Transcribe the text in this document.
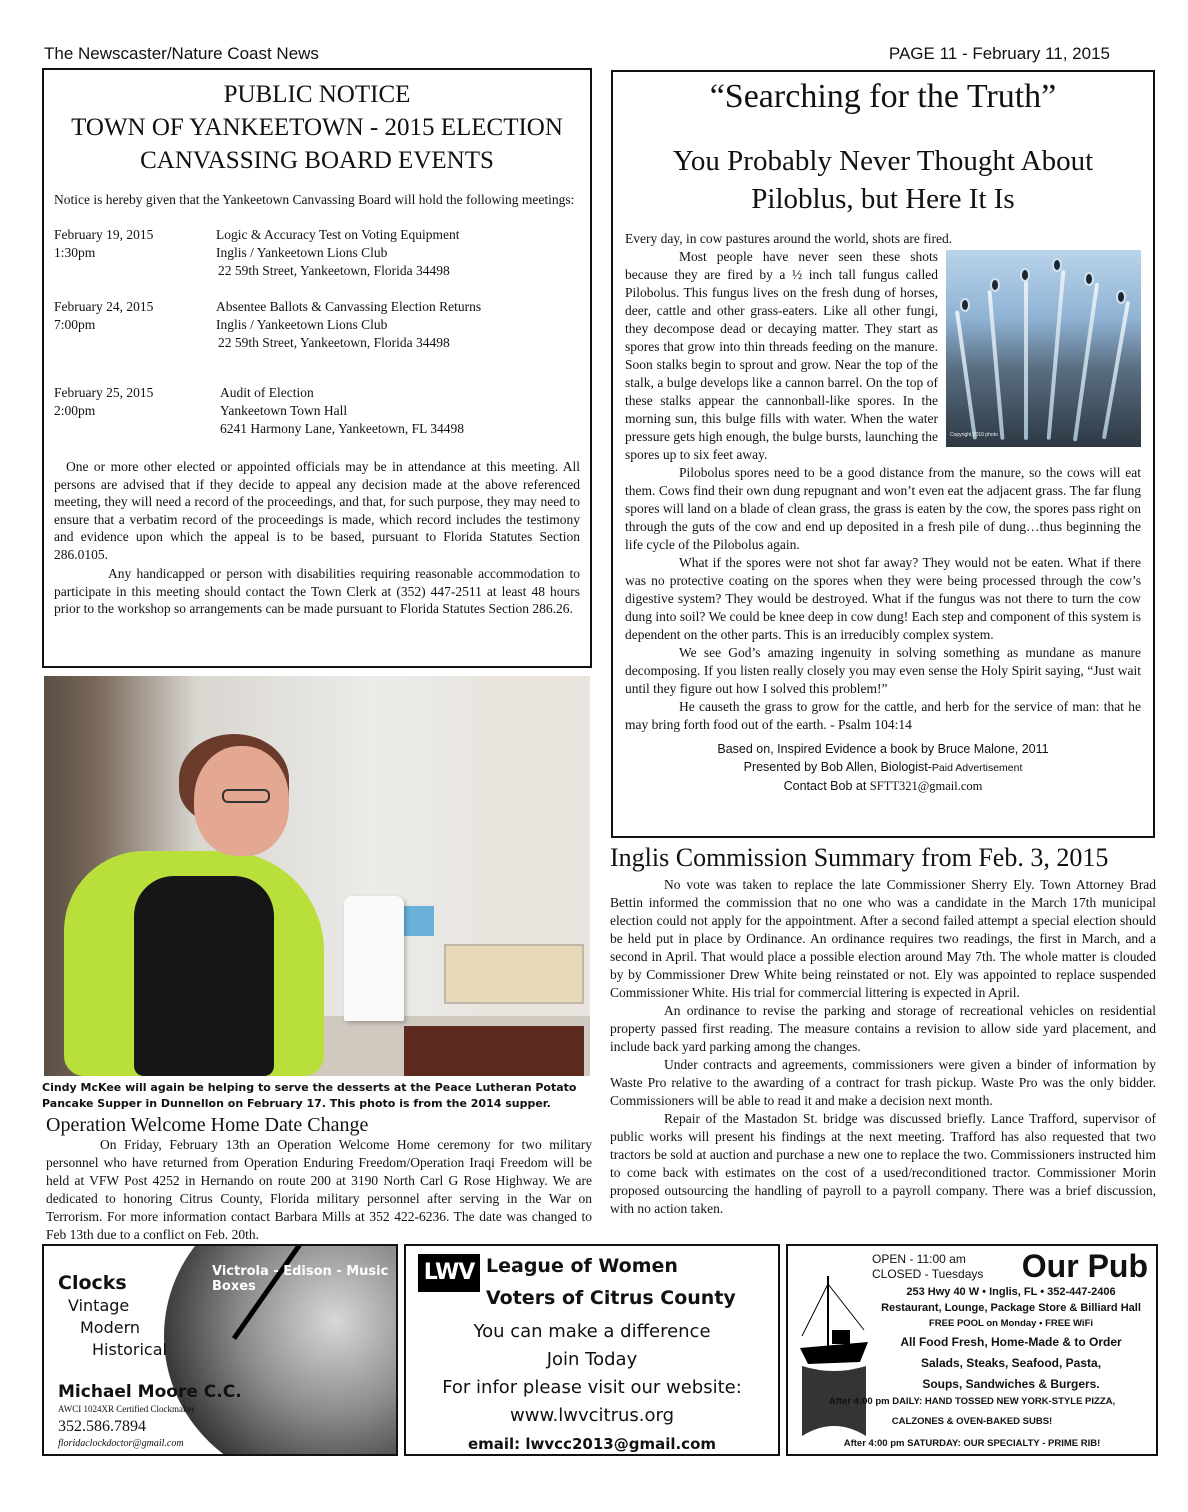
The Newscaster/Nature Coast News	PAGE 11 - February 11, 2015
PUBLIC NOTICE
TOWN OF YANKEETOWN - 2015 ELECTION
CANVASSING BOARD EVENTS
Notice is hereby given that the Yankeetown Canvassing Board will hold the following meetings:
February 19, 2015
1:30pm
Logic & Accuracy Test on Voting Equipment
Inglis / Yankeetown Lions Club
22 59th Street, Yankeetown, Florida 34498
February 24, 2015
7:00pm
Absentee Ballots & Canvassing Election Returns
Inglis / Yankeetown Lions Club
22 59th Street, Yankeetown, Florida 34498
February 25, 2015
2:00pm
Audit of Election
Yankeetown Town Hall
6241 Harmony Lane, Yankeetown, FL 34498

One or more other elected or appointed officials may be in attendance at this meeting. All persons are advised that if they decide to appeal any decision made at the above referenced meeting, they will need a record of the proceedings, and that, for such purpose, they may need to ensure that a verbatim record of the proceedings is made, which record includes the testimony and evidence upon which the appeal is to be based, pursuant to Florida Statutes Section 286.0105.

Any handicapped or person with disabilities requiring reasonable accommodation to participate in this meeting should contact the Town Clerk at (352) 447-2511 at least 48 hours prior to the workshop so arrangements can be made pursuant to Florida Statutes Section 286.26.

“Searching for the Truth”
You Probably Never Thought About
Piloblus, but Here It Is

Every day, in cow pastures around the world, shots are fired.

Copyright 2010 photo

Most people have never seen these shots because they are fired by a ½ inch tall fungus called Pilobolus. This fungus lives on the fresh dung of horses, deer, cattle and other grass-eaters. Like all other fungi, they decompose dead or decaying matter. They start as spores that grow into thin threads feeding on the manure. Soon stalks begin to sprout and grow. Near the top of the stalk, a bulge develops like a cannon barrel. On the top of these stalks appear the cannonball-like spores. In the morning sun, this bulge fills with water. When the water pressure gets high enough, the bulge bursts, launching the spores up to six feet away.

Pilobolus spores need to be a good distance from the manure, so the cows will eat them. Cows find their own dung repugnant and won’t even eat the adjacent grass. The far flung spores will land on a blade of clean grass, the grass is eaten by the cow, the spores pass right on through the guts of the cow and end up deposited in a fresh pile of dung…thus beginning the life cycle of the Pilobolus again.

What if the spores were not shot far away? They would not be eaten. What if there was no protective coating on the spores when they were being processed through the cow’s digestive system? They would be destroyed. What if the fungus was not there to turn the cow dung into soil? We could be knee deep in cow dung! Each step and component of this system is dependent on the other parts. This is an irreducibly complex system.

We see God’s amazing ingenuity in solving something as mundane as manure decomposing. If you listen really closely you may even sense the Holy Spirit saying, “Just wait until they figure out how I solved this problem!”

He causeth the grass to grow for the cattle, and herb for the service of man: that he may bring forth food out of the earth. - Psalm 104:14

Based on, Inspired Evidence a book by Bruce Malone, 2011
Presented by Bob Allen, Biologist-Paid Advertisement
Contact Bob at SFTT321@gmail.com
Inglis Commission Summary from Feb. 3, 2015

No vote was taken to replace the late Commissioner Sherry Ely. Town Attorney Brad Bettin informed the commission that no one who was a candidate in the March 17th municipal election could not apply for the appointment. After a second failed attempt a special election should be held put in place by Ordinance. An ordinance requires two readings, the first in March, and a second in April. That would place a possible election around May 7th. The whole matter is clouded by by Commissioner Drew White being reinstated or not. Ely was appointed to replace suspended Commissioner White. His trial for commercial littering is expected in April.

An ordinance to revise the parking and storage of recreational vehicles on residential property passed first reading. The measure contains a revision to allow side yard placement, and include back yard parking among the changes.

Under contracts and agreements, commissioners were given a binder of information by Waste Pro relative to the awarding of a contract for trash pickup. Waste Pro was the only bidder. Commissioners will be able to read it and make a decision next month.

Repair of the Mastadon St. bridge was discussed briefly. Lance Trafford, supervisor of public works will present his findings at the next meeting. Trafford has also requested that two tractors be sold at auction and purchase a new one to replace the two. Commissioners instructed him to come back with estimates on the cost of a used/reconditioned tractor. Commissioner Morin proposed outsourcing the handling of payroll to a payroll company. There was a brief discussion, with no action taken.

Cindy McKee will again be helping to serve the desserts at the Peace Lutheran Potato Pancake Supper in Dunnellon on February 17. This photo is from the 2014 supper.
Operation Welcome Home Date Change

On Friday, February 13th an Operation Welcome Home ceremony for two military personnel who have returned from Operation Enduring Freedom/Operation Iraqi Freedom will be held at VFW Post 4252 in Hernando on route 200 at 3190 North Carl G Rose Highway. We are dedicated to honoring Citrus County, Florida military personnel after serving in the War on Terrorism. For more information contact Barbara Mills at 352 422-6236. The date was changed to Feb 13th due to a conflict on Feb. 20th.

Victrola - Edison - Music Boxes
Clocks
Vintage
Modern
Historical
Michael Moore C.C.
AWCI 1024XR Certified Clockmaker
352.586.7894
floridaclockdoctor@gmail.com
LWV League of Women
Voters of Citrus County
You can make a difference
Join Today
For infor please visit our website:
www.lwvcitrus.org
email: lwvcc2013@gmail.com
OPEN - 11:00 am
CLOSED - Tuesdays Our Pub
253 Hwy 40 W • Inglis, FL • 352-447-2406
Restaurant, Lounge, Package Store & Billiard Hall
FREE POOL on Monday • FREE WiFi
All Food Fresh, Home-Made & to Order
Salads, Steaks, Seafood, Pasta,
Soups, Sandwiches & Burgers.
After 4:00 pm DAILY: HAND TOSSED NEW YORK-STYLE PIZZA,
CALZONES & OVEN-BAKED SUBS!
After 4:00 pm SATURDAY: OUR SPECIALTY - PRIME RIB!
